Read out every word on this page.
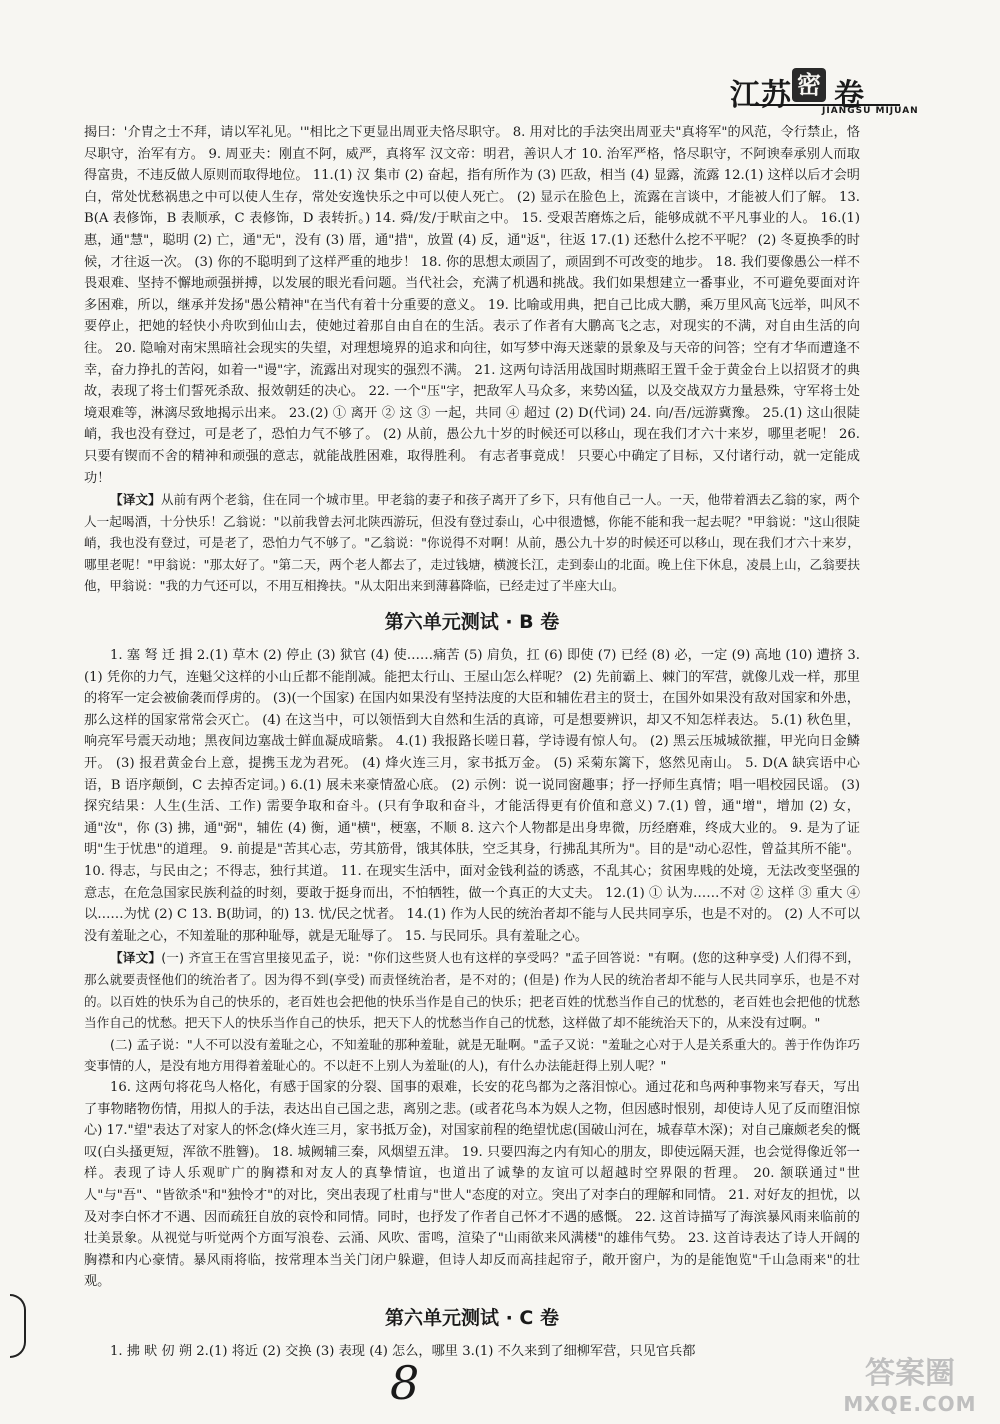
江苏 密 卷
JIANGSU MIJUAN

揭曰：'介胄之士不拜，请以军礼见。'"相比之下更显出周亚夫恪尽职守。 8. 用对比的手法突出周亚夫"真将军"的风范，令行禁止，恪尽职守，治军有方。 9. 周亚夫：刚直不阿，威严，真将军 汉文帝：明君，善识人才 10. 治军严格，恪尽职守，不阿谀奉承别人而取得富贵，不违反做人原则而取得地位。 11.(1) 汉 集市 (2) 奋起，指有所作为 (3) 匹敌，相当 (4) 显露，流露 12.(1) 这样以后才会明白，常处忧愁祸患之中可以使人生存，常处安逸快乐之中可以使人死亡。 (2) 显示在脸色上，流露在言谈中，才能被人们了解。 13. B(A 表修饰，B 表顺承，C 表修饰，D 表转折。) 14. 舜/发/于畎亩之中。 15. 受艰苦磨炼之后，能够成就不平凡事业的人。 16.(1) 惠，通"慧"，聪明 (2) 亡，通"无"，没有 (3) 厝，通"措"，放置 (4) 反，通"返"，往返 17.(1) 还愁什么挖不平呢？ (2) 冬夏换季的时候，才往返一次。 (3) 你的不聪明到了这样严重的地步！ 18. 你的思想太顽固了，顽固到不可改变的地步。 18. 我们要像愚公一样不畏艰难、坚持不懈地顽强拼搏，以发展的眼光看问题。当代社会，充满了机遇和挑战。我们如果想建立一番事业，不可避免要面对许多困难，所以，继承并发扬"愚公精神"在当代有着十分重要的意义。 19. 比喻或用典，把自己比成大鹏，乘万里风高飞远举，叫风不要停止，把她的轻快小舟吹到仙山去，使她过着那自由自在的生活。表示了作者有大鹏高飞之志，对现实的不满，对自由生活的向往。 20. 隐喻对南宋黑暗社会现实的失望，对理想境界的追求和向往，如写梦中海天迷蒙的景象及与天帝的问答；空有才华而遭逢不幸，奋力挣扎的苦闷，如着一"谩"字，流露出对现实的强烈不满。 21. 这两句诗活用战国时期燕昭王置千金于黄金台上以招贤才的典故，表现了将士们誓死杀敌、报效朝廷的决心。 22. 一个"压"字，把敌军人马众多，来势凶猛，以及交战双方力量悬殊，守军将士处境艰难等，淋漓尽致地揭示出来。 23.(2) ① 离开 ② 这 ③ 一起，共同 ④ 超过 (2) D(代词) 24. 向/吾/远游冀豫。 25.(1) 这山很陡峭，我也没有登过，可是老了，恐怕力气不够了。 (2) 从前，愚公九十岁的时候还可以移山，现在我们才六十来岁，哪里老呢！ 26. 只要有锲而不舍的精神和顽强的意志，就能战胜困难，取得胜利。 有志者事竟成！ 只要心中确定了目标，又付诸行动，就一定能成功！

【译文】从前有两个老翁，住在同一个城市里。甲老翁的妻子和孩子离开了乡下，只有他自己一人。一天，他带着酒去乙翁的家，两个人一起喝酒，十分快乐！乙翁说："以前我曾去河北陕西游玩，但没有登过泰山，心中很遗憾，你能不能和我一起去呢？"甲翁说："这山很陡峭，我也没有登过，可是老了，恐怕力气不够了。"乙翁说："你说得不对啊！从前，愚公九十岁的时候还可以移山，现在我们才六十来岁，哪里老呢！"甲翁说："那太好了。"第二天，两个老人都去了，走过钱塘，横渡长江，走到泰山的北面。晚上住下休息，凌晨上山，乙翁要扶他，甲翁说："我的力气还可以，不用互相搀扶。"从太阳出来到薄暮降临，已经走过了半座大山。

第六单元测试 · B 卷

1. 塞 弩 迁 揖 2.(1) 草木 (2) 停止 (3) 狱官 (4) 使……痛苦 (5) 肩负，扛 (6) 即使 (7) 已经 (8) 必，一定 (9) 高地 (10) 遭挤 3.(1) 凭你的力气，连魁父这样的小山丘都不能削减。能把太行山、王屋山怎么样呢？ (2) 先前霸上、棘门的军营，就像儿戏一样，那里的将军一定会被偷袭而俘虏的。 (3)(一个国家) 在国内如果没有坚持法度的大臣和辅佐君主的贤士，在国外如果没有敌对国家和外患，那么这样的国家常常会灭亡。 (4) 在这当中，可以领悟到大自然和生活的真谛，可是想要辨识，却又不知怎样表达。 5.(1) 秋色里，响亮军号震天动地；黑夜间边塞战士鲜血凝成暗紫。 4.(1) 我报路长嗟日暮，学诗谩有惊人句。 (2) 黑云压城城欲摧，甲光向日金鳞开。 (3) 报君黄金台上意，提携玉龙为君死。 (4) 烽火连三月，家书抵万金。 (5) 采菊东篱下，悠然见南山。 5. D(A 缺宾语中心语，B 语序颠倒，C 去掉否定词。) 6.(1) 展未来豪情盈心底。 (2) 示例：说一说同窗趣事；抒一抒师生真情；唱一唱校园民谣。 (3) 探究结果：人生(生活、工作) 需要争取和奋斗。(只有争取和奋斗，才能活得更有价值和意义) 7.(1) 曾，通"增"，增加 (2) 女，通"汝"，你 (3) 拂，通"弼"，辅佐 (4) 衡，通"横"，梗塞，不顺 8. 这六个人物都是出身卑微，历经磨难，终成大业的。 9. 是为了证明"生于忧患"的道理。 9. 前提是"苦其心志，劳其筋骨，饿其体肤，空乏其身，行拂乱其所为"。目的是"动心忍性，曾益其所不能"。 10. 得志，与民由之；不得志，独行其道。 11. 在现实生活中，面对金钱利益的诱惑，不乱其心；贫困卑贱的处境，无法改变坚强的意志，在危急国家民族利益的时刻，要敢于挺身而出，不怕牺牲，做一个真正的大丈夫。 12.(1) ① 认为……不对 ② 这样 ③ 重大 ④ 以……为忧 (2) C 13. B(助词，的) 13. 忧/民之忧者。 14.(1) 作为人民的统治者却不能与人民共同享乐，也是不对的。 (2) 人不可以没有羞耻之心，不知羞耻的那种耻辱，就是无耻辱了。 15. 与民同乐。具有羞耻之心。

【译文】(一) 齐宣王在雪宫里接见孟子，说："你们这些贤人也有这样的享受吗？"孟子回答说："有啊。(您的这种享受) 人们得不到，那么就要责怪他们的统治者了。因为得不到(享受) 而责怪统治者，是不对的；(但是) 作为人民的统治者却不能与人民共同享乐，也是不对的。以百姓的快乐为自己的快乐的，老百姓也会把他的快乐当作是自己的快乐；把老百姓的忧愁当作自己的忧愁的，老百姓也会把他的忧愁当作自己的忧愁。把天下人的快乐当作自己的快乐，把天下人的忧愁当作自己的忧愁，这样做了却不能统治天下的，从来没有过啊。"

(二) 孟子说："人不可以没有羞耻之心，不知羞耻的那种羞耻，就是无耻啊。"孟子又说："羞耻之心对于人是关系重大的。善于作伪诈巧变事情的人，是没有地方用得着羞耻心的。不以赶不上别人为羞耻(的人)，有什么办法能赶得上别人呢？"

16. 这两句将花鸟人格化，有感于国家的分裂、国事的艰难，长安的花鸟都为之落泪惊心。通过花和鸟两种事物来写春天，写出了事物睹物伤情，用拟人的手法，表达出自己国之悲，离别之悲。(或者花鸟本为娱人之物，但因感时恨别，却使诗人见了反而堕泪惊心) 17."望"表达了对家人的怀念(烽火连三月，家书抵万金)，对国家前程的绝望忧虑(国破山河在，城春草木深)；对自己廉颇老矣的慨叹(白头搔更短，浑欲不胜簪)。 18. 城阙辅三秦，风烟望五津。 19. 只要四海之内有知心的朋友，即使远隔天涯，也会觉得像近邻一样。表现了诗人乐观旷广的胸襟和对友人的真挚情谊，也道出了诚挚的友谊可以超越时空界限的哲理。 20. 颔联通过"世人"与"吾"、"皆欲杀"和"独怜才"的对比，突出表现了杜甫与"世人"态度的对立。突出了对李白的理解和同情。 21. 对好友的担忧，以及对李白怀才不遇、因而疏狂自放的哀怜和同情。同时，也抒发了作者自己怀才不遇的感慨。 22. 这首诗描写了海滨暴风雨来临前的壮美景象。从视觉与听觉两个方面写浪卷、云涌、风吹、雷鸣，渲染了"山雨欲来风满楼"的雄伟气势。 23. 这首诗表达了诗人开阔的胸襟和内心豪情。暴风雨将临，按常理本当关门闭户躲避，但诗人却反而高挂起帘子，敞开窗户，为的是能饱览"千山急雨来"的壮观。

第六单元测试 · C 卷

1. 拂 畎 仞 朔 2.(1) 将近 (2) 交换 (3) 表现 (4) 怎么，哪里 3.(1) 不久来到了细柳军营，只见官兵都

8	答案圈
MXQE.COM
